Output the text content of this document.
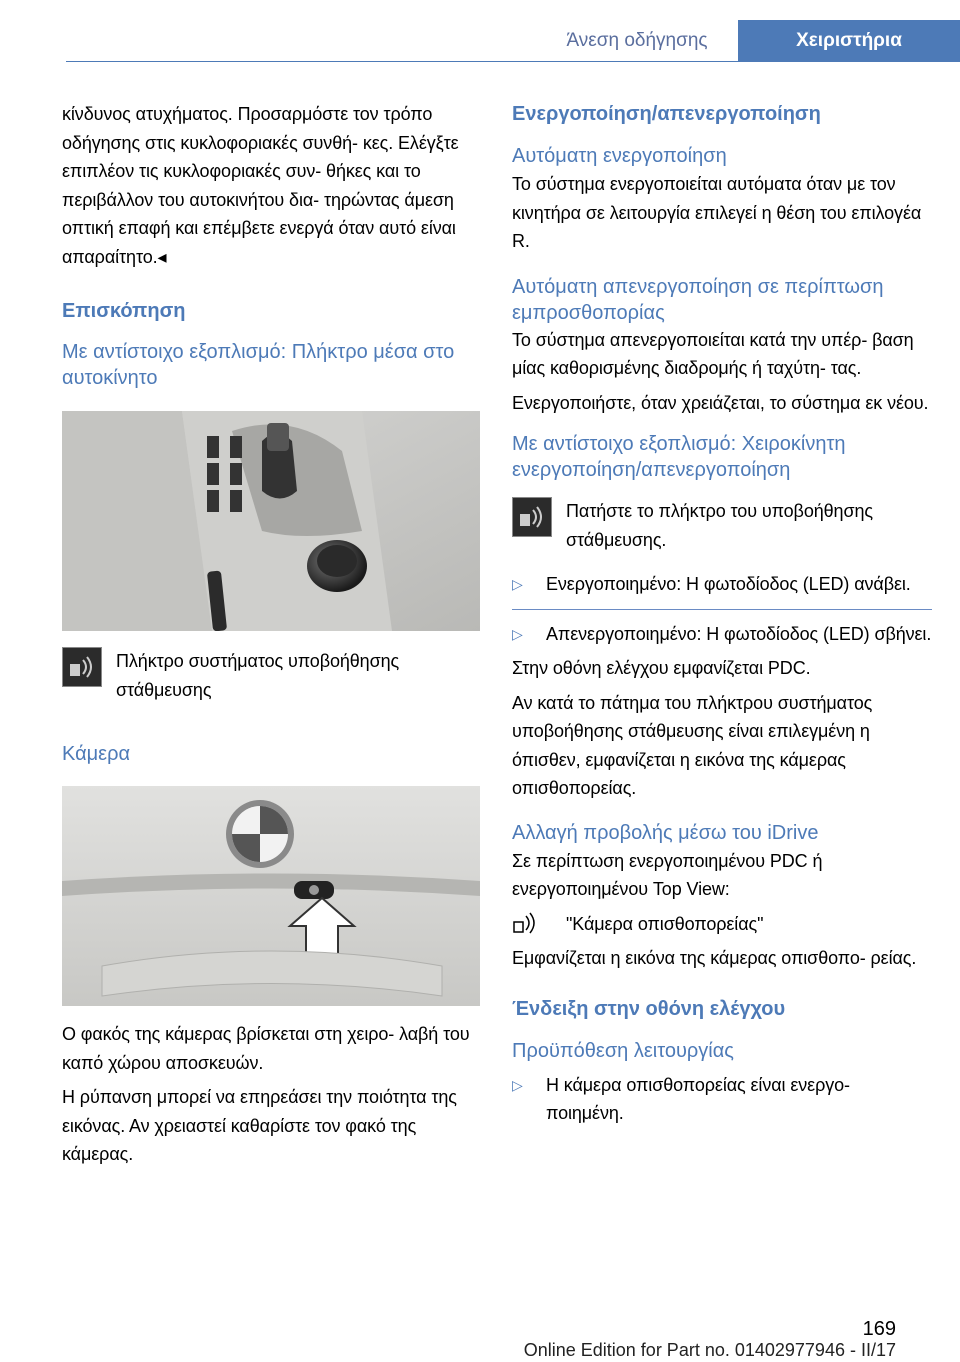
Άνεση οδήγησης	Χειριστήρια

κίνδυνος ατυχήματος. Προσαρμόστε τον τρόπο οδήγησης στις κυκλοφοριακές συνθή- κες. Ελέγξτε επιπλέον τις κυκλοφοριακές συν- θήκες και το περιβάλλον του αυτοκινήτου δια- τηρώντας άμεση οπτική επαφή και επέμβετε ενεργά όταν αυτό είναι απαραίτητο.◂

Επισκόπηση
Με αντίστοιχο εξοπλισμό: Πλήκτρο μέσα στο αυτοκίνητο

Πλήκτρο συστήματος υποβοήθησης στάθμευσης

Κάμερα

Ο φακός της κάμερας βρίσκεται στη χειρο- λαβή του καπό χώρου αποσκευών.

Η ρύπανση μπορεί να επηρεάσει την ποιότητα της εικόνας. Αν χρειαστεί καθαρίστε τον φακό της κάμερας.

Ενεργοποίηση/απενεργοποίηση
Αυτόματη ενεργοποίηση

Το σύστημα ενεργοποιείται αυτόματα όταν με τον κινητήρα σε λειτουργία επιλεγεί η θέση του επιλογέα R.

Αυτόματη απενεργοποίηση σε περίπτωση εμπροσθοπορίας

Το σύστημα απενεργοποιείται κατά την υπέρ- βαση μίας καθορισμένης διαδρομής ή ταχύτη- τας.

Ενεργοποιήστε, όταν χρειάζεται, το σύστημα εκ νέου.

Με αντίστοιχο εξοπλισμό: Χειροκίνητη ενεργοποίηση/απενεργοποίηση

Πατήστε το πλήκτρο του υποβοήθησης στάθμευσης.

▷	Ενεργοποιημένο: Η φωτοδίοδος (LED) ανάβει.

▷	Απενεργοποιημένο: Η φωτοδίοδος (LED) σβήνει.

Στην οθόνη ελέγχου εμφανίζεται PDC.

Αν κατά το πάτημα του πλήκτρου συστήματος υποβοήθησης στάθμευσης είναι επιλεγμένη η όπισθεν, εμφανίζεται η εικόνα της κάμερας οπισθοπορείας.

Αλλαγή προβολής μέσω του iDrive

Σε περίπτωση ενεργοποιημένου PDC ή ενεργοποιημένου Top View:

"Κάμερα οπισθοπορείας"

Εμφανίζεται η εικόνα της κάμερας οπισθοπο- ρείας.

Ένδειξη στην οθόνη ελέγχου
Προϋπόθεση λειτουργίας
▷	Η κάμερα οπισθοπορείας είναι ενεργο- ποιημένη.

169
Online Edition for Part no. 01402977946 - II/17
